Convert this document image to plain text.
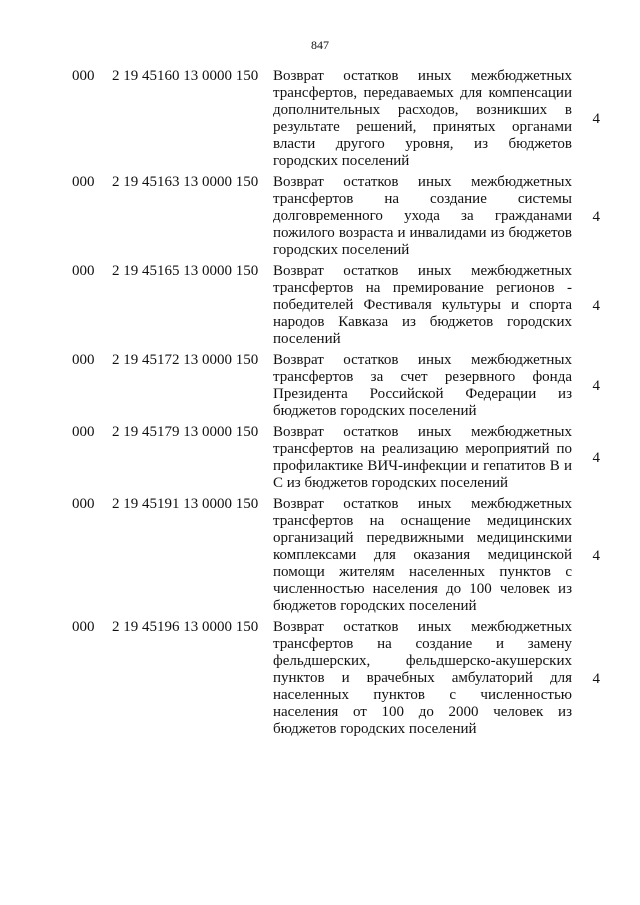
847
000	2 19 45160 13 0000 150 Возврат остатков иных межбюджетных трансфертов, передаваемых для компенсации дополнительных расходов, возникших в результате решений, принятых органами власти другого уровня, из бюджетов городских поселений
4
000	2 19 45163 13 0000 150 Возврат остатков иных межбюджетных трансфертов на создание системы долговременного ухода за гражданами пожилого возраста и инвалидами из бюджетов городских поселений
4
000	2 19 45165 13 0000 150 Возврат остатков иных межбюджетных трансфертов на премирование регионов - победителей Фестиваля культуры и спорта народов Кавказа из бюджетов городских поселений
4
000	2 19 45172 13 0000 150 Возврат остатков иных межбюджетных трансфертов за счет резервного фонда Президента Российской Федерации из бюджетов городских поселений
4
000	2 19 45179 13 0000 150 Возврат остатков иных межбюджетных трансфертов на реализацию мероприятий по профилактике ВИЧ-инфекции и гепатитов В и С из бюджетов городских поселений
4
000	2 19 45191 13 0000 150 Возврат остатков иных межбюджетных трансфертов на оснащение медицинских организаций передвижными медицинскими комплексами для оказания медицинской помощи жителям населенных пунктов с численностью населения до 100 человек из бюджетов городских поселений
4
000	2 19 45196 13 0000 150 Возврат остатков иных межбюджетных трансфертов на создание и замену фельдшерских, фельдшерско-акушерских пунктов и врачебных амбулаторий для населенных пунктов с численностью населения от 100 до 2000 человек из бюджетов городских поселений
4
